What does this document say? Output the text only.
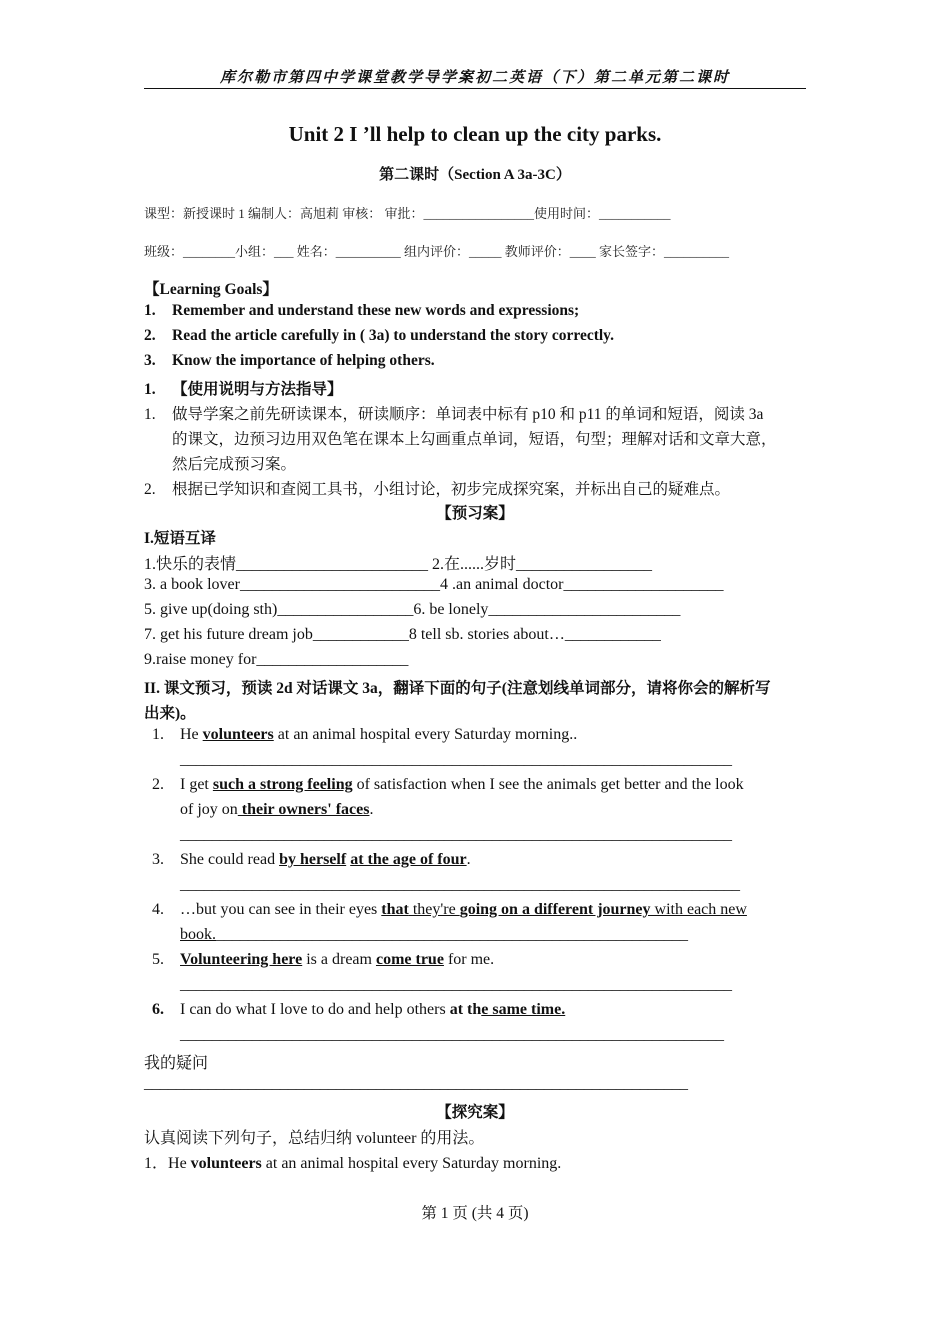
库尔勒市第四中学课堂教学导学案初二英语（下）第二单元第二课时
Unit 2 I ’ll help to clean up the city parks.
第二课时（Section A 3a-3C）
课型：新授课时 1 编制人：高旭莉 审核： 审批：_________________使用时间：___________
班级：________小组：___ 姓名：__________ 组内评价：_____ 教师评价：____ 家长签字：__________
【Learning Goals】
1. Remember and understand these new words and expressions;
2. Read the article carefully in ( 3a) to understand the story correctly.
3. Know the importance of helping others.
1. 【使用说明与方法指导】
1. 做导学案之前先研读课本，研读顺序：单词表中标有 p10 和 p11 的单词和短语，阅读 3a
的课文，边预习边用双色笔在课本上勾画重点单词，短语，句型；理解对话和文章大意，
然后完成预习案。
2. 根据已学知识和查阅工具书，小组讨论，初步完成探究案，并标出自己的疑难点。
【预习案】
I.短语互译
1.快乐的表情________________________ 2.在......岁时_________________
3. a book lover_________________________4 .an animal doctor____________________
5. give up(doing sth)_________________6. be lonely________________________
7. get his future dream job____________8 tell sb. stories about…____________
9.raise money for___________________
II. 课文预习，预读 2d 对话课文 3a，翻译下面的句子(注意划线单词部分，请将你会的解析写
出来)。
1. He volunteers at an animal hospital every Saturday morning..
_____________________________________________________________________
2. I get such a strong feeling of satisfaction when I see the animals get better and the look
of joy on their owners' faces.
_____________________________________________________________________
3. She could read by herself at the age of four.
______________________________________________________________________
4. …but you can see in their eyes that they're going on a different journey with each new
book.___________________________________________________________
5. Volunteering here is a dream come true for me.
_____________________________________________________________________
6. I can do what I love to do and help others at the same time.
____________________________________________________________________
我的疑问
____________________________________________________________________
【探究案】
认真阅读下列句子，总结归纳 volunteer 的用法。
1．He volunteers at an animal hospital every Saturday morning.
第 1 页 (共 4 页)
